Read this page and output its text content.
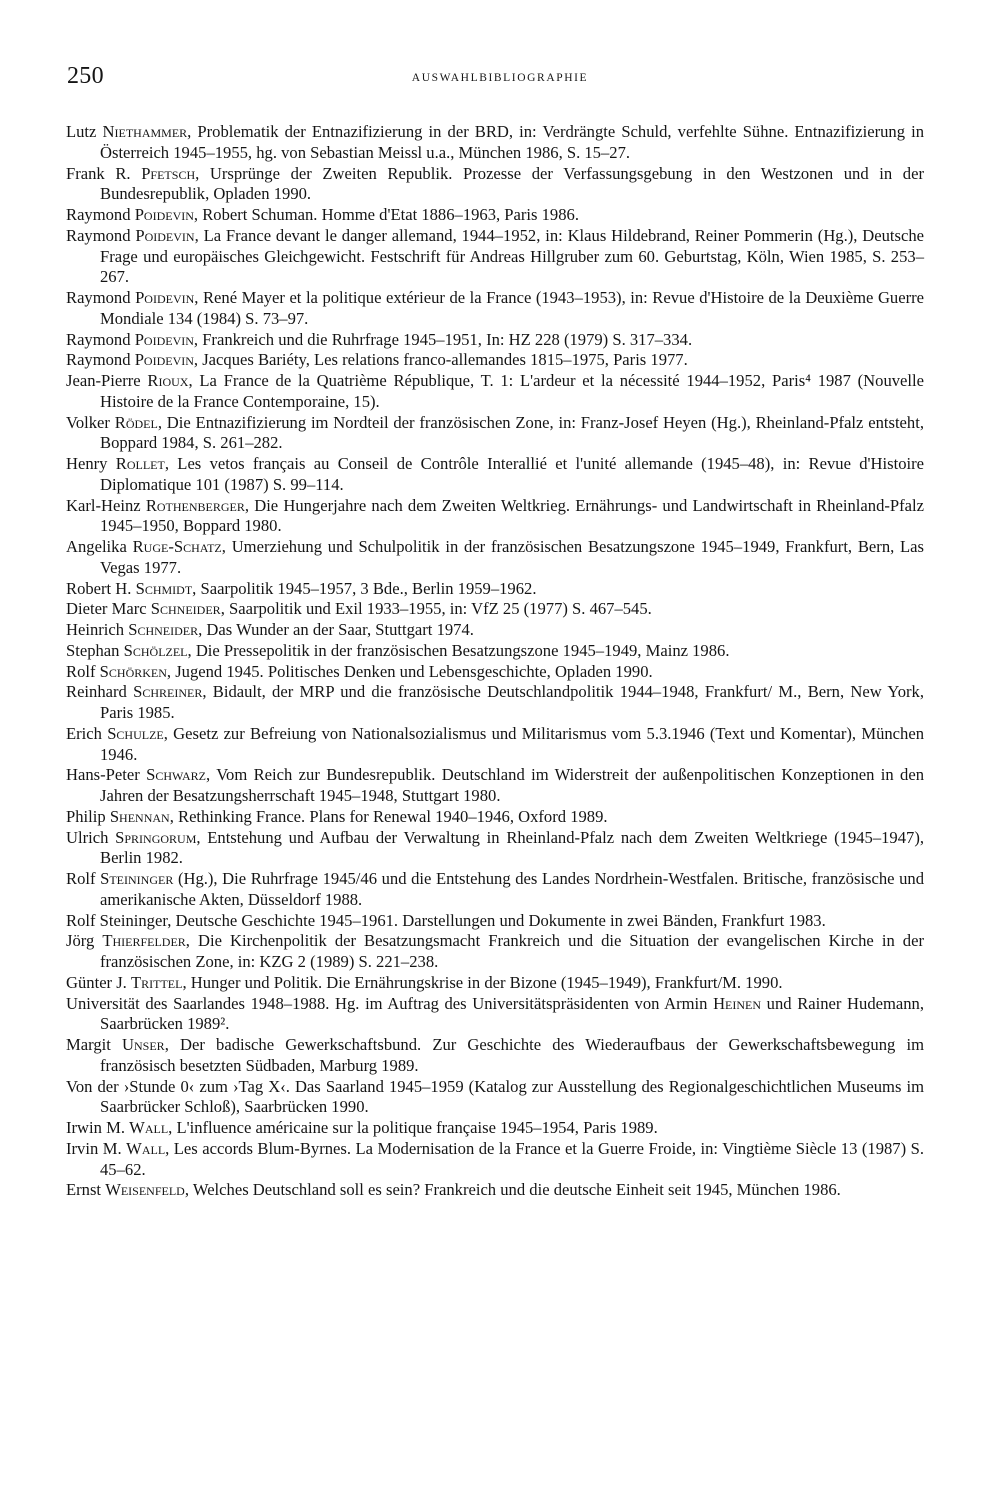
250	AUSWAHLBIBLIOGRAPHIE
Lutz Niethammer, Problematik der Entnazifizierung in der BRD, in: Verdrängte Schuld, verfehlte Sühne. Entnazifizierung in Österreich 1945–1955, hg. von Sebastian Meissl u.a., München 1986, S. 15–27.
Frank R. Pfetsch, Ursprünge der Zweiten Republik. Prozesse der Verfassungsgebung in den Westzonen und in der Bundesrepublik, Opladen 1990.
Raymond Poidevin, Robert Schuman. Homme d'Etat 1886–1963, Paris 1986.
Raymond Poidevin, La France devant le danger allemand, 1944–1952, in: Klaus Hildebrand, Reiner Pommerin (Hg.), Deutsche Frage und europäisches Gleichgewicht. Festschrift für Andreas Hillgruber zum 60. Geburtstag, Köln, Wien 1985, S. 253–267.
Raymond Poidevin, René Mayer et la politique extérieur de la France (1943–1953), in: Revue d'Histoire de la Deuxième Guerre Mondiale 134 (1984) S. 73–97.
Raymond Poidevin, Frankreich und die Ruhrfrage 1945–1951, In: HZ 228 (1979) S. 317–334.
Raymond Poidevin, Jacques Bariéty, Les relations franco-allemandes 1815–1975, Paris 1977.
Jean-Pierre Rioux, La France de la Quatrième République, T. 1: L'ardeur et la nécessité 1944–1952, Paris⁴ 1987 (Nouvelle Histoire de la France Contemporaine, 15).
Volker Rödel, Die Entnazifizierung im Nordteil der französischen Zone, in: Franz-Josef Heyen (Hg.), Rheinland-Pfalz entsteht, Boppard 1984, S. 261–282.
Henry Rollet, Les vetos français au Conseil de Contrôle Interallié et l'unité allemande (1945–48), in: Revue d'Histoire Diplomatique 101 (1987) S. 99–114.
Karl-Heinz Rothenberger, Die Hungerjahre nach dem Zweiten Weltkrieg. Ernährungs- und Landwirtschaft in Rheinland-Pfalz 1945–1950, Boppard 1980.
Angelika Ruge-Schatz, Umerziehung und Schulpolitik in der französischen Besatzungszone 1945–1949, Frankfurt, Bern, Las Vegas 1977.
Robert H. Schmidt, Saarpolitik 1945–1957, 3 Bde., Berlin 1959–1962.
Dieter Marc Schneider, Saarpolitik und Exil 1933–1955, in: VfZ 25 (1977) S. 467–545.
Heinrich Schneider, Das Wunder an der Saar, Stuttgart 1974.
Stephan Schölzel, Die Pressepolitik in der französischen Besatzungszone 1945–1949, Mainz 1986.
Rolf Schörken, Jugend 1945. Politisches Denken und Lebensgeschichte, Opladen 1990.
Reinhard Schreiner, Bidault, der MRP und die französische Deutschlandpolitik 1944–1948, Frankfurt/ M., Bern, New York, Paris 1985.
Erich Schulze, Gesetz zur Befreiung von Nationalsozialismus und Militarismus vom 5.3.1946 (Text und Komentar), München 1946.
Hans-Peter Schwarz, Vom Reich zur Bundesrepublik. Deutschland im Widerstreit der außenpolitischen Konzeptionen in den Jahren der Besatzungsherrschaft 1945–1948, Stuttgart 1980.
Philip Shennan, Rethinking France. Plans for Renewal 1940–1946, Oxford 1989.
Ulrich Springorum, Entstehung und Aufbau der Verwaltung in Rheinland-Pfalz nach dem Zweiten Weltkriege (1945–1947), Berlin 1982.
Rolf Steininger (Hg.), Die Ruhrfrage 1945/46 und die Entstehung des Landes Nordrhein-Westfalen. Britische, französische und amerikanische Akten, Düsseldorf 1988.
Rolf Steininger, Deutsche Geschichte 1945–1961. Darstellungen und Dokumente in zwei Bänden, Frankfurt 1983.
Jörg Thierfelder, Die Kirchenpolitik der Besatzungsmacht Frankreich und die Situation der evangelischen Kirche in der französischen Zone, in: KZG 2 (1989) S. 221–238.
Günter J. Trittel, Hunger und Politik. Die Ernährungskrise in der Bizone (1945–1949), Frankfurt/M. 1990.
Universität des Saarlandes 1948–1988. Hg. im Auftrag des Universitätspräsidenten von Armin Heinen und Rainer Hudemann, Saarbrücken 1989².
Margit Unser, Der badische Gewerkschaftsbund. Zur Geschichte des Wiederaufbaus der Gewerkschaftsbewegung im französisch besetzten Südbaden, Marburg 1989.
Von der ›Stunde 0‹ zum ›Tag X‹. Das Saarland 1945–1959 (Katalog zur Ausstellung des Regionalgeschichtlichen Museums im Saarbrücker Schloß), Saarbrücken 1990.
Irwin M. Wall, L'influence américaine sur la politique française 1945–1954, Paris 1989.
Irvin M. Wall, Les accords Blum-Byrnes. La Modernisation de la France et la Guerre Froide, in: Vingtième Siècle 13 (1987) S. 45–62.
Ernst Weisenfeld, Welches Deutschland soll es sein? Frankreich und die deutsche Einheit seit 1945, München 1986.
